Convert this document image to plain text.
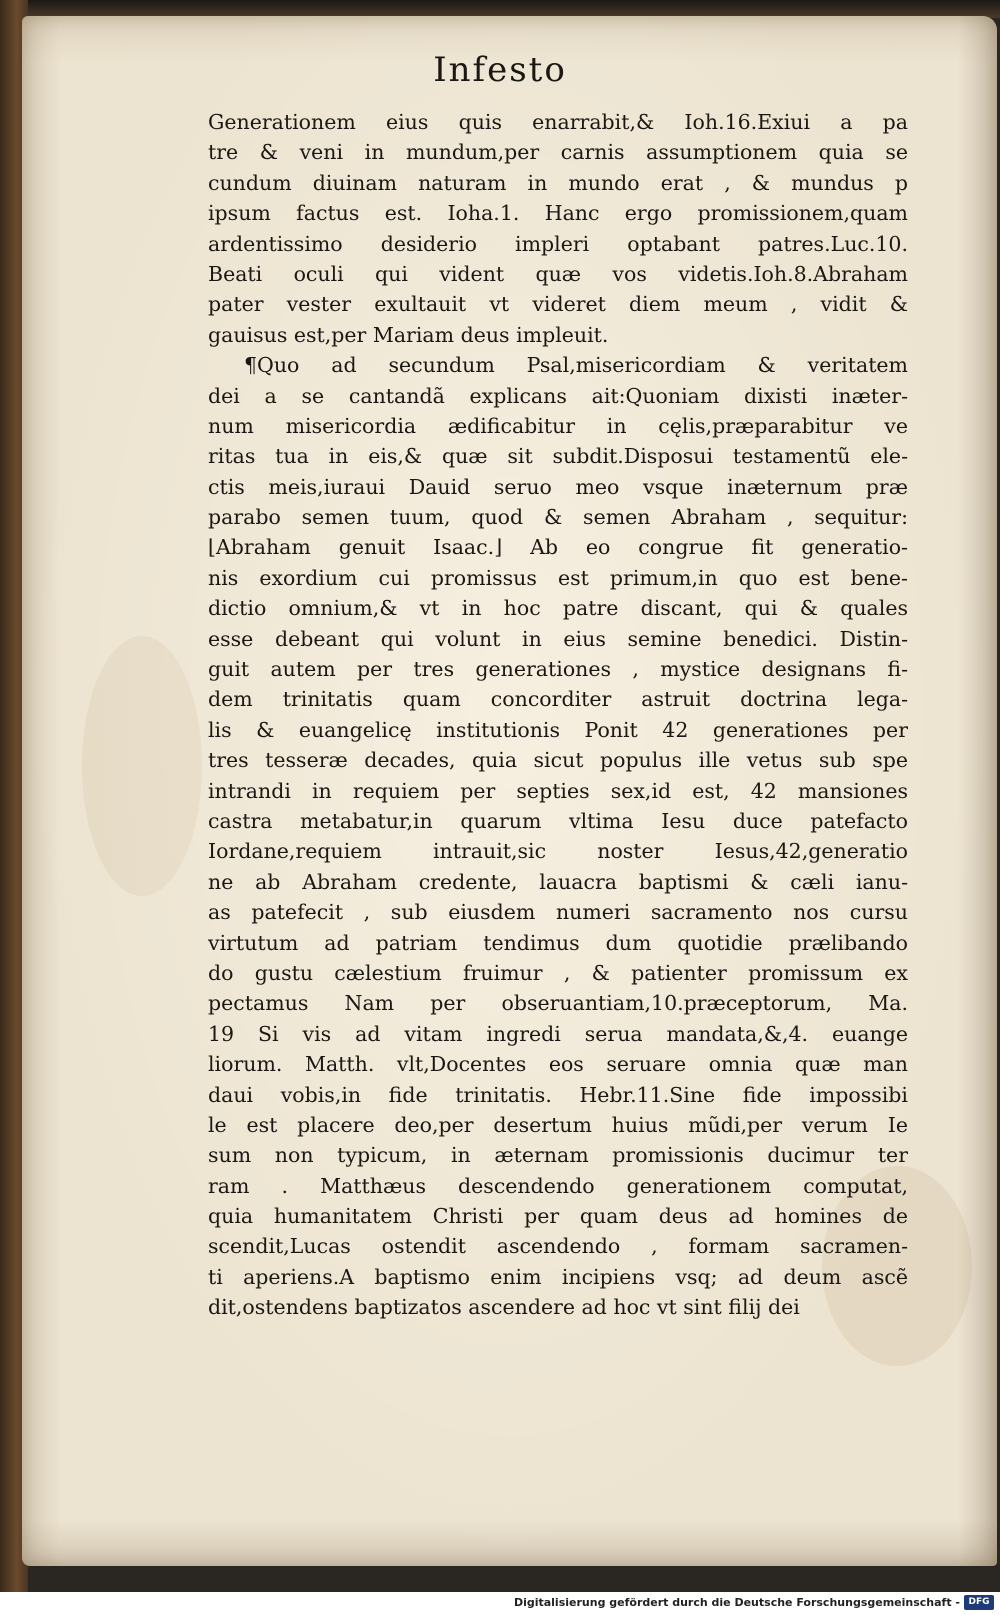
Infesto
Generationem eius quis enarrabit,& Ioh.16.Exiui a pa
tre & veni in mundum,per carnis assumptionem quia se
cundum diuinam naturam in mundo erat , & mundus p
ipsum factus est. Ioha.1. Hanc ergo promissionem,quam
ardentissimo desiderio impleri optabant patres.Luc.10.
Beati oculi qui vident quæ vos videtis.Ioh.8.Abraham
pater vester exultauit vt videret diem meum , vidit &
gauisus est,per Mariam deus impleuit.
¶Quo ad secundum Psal,misericordiam & veritatem
dei a se cantandã explicans ait:Quoniam dixisti inæter-
num misericordia ædificabitur in cęlis,præparabitur ve
ritas tua in eis,& quæ sit subdit.Disposui testamentũ ele-
ctis meis,iuraui Dauid seruo meo vsque inæternum præ
parabo semen tuum, quod & semen Abraham , sequitur:
⌊Abraham genuit Isaac.⌋ Ab eo congrue fit generatio-
nis exordium cui promissus est primum,in quo est bene-
dictio omnium,& vt in hoc patre discant, qui & quales
esse debeant qui volunt in eius semine benedici. Distin-
guit autem per tres generationes , mystice designans fi-
dem trinitatis quam concorditer astruit doctrina lega-
lis & euangelicę institutionis Ponit 42 generationes per
tres tesseræ decades, quia sicut populus ille vetus sub spe
intrandi in requiem per septies sex,id est, 42 mansiones
castra metabatur,in quarum vltima Iesu duce patefacto
Iordane,requiem intrauit,sic noster Iesus,42,generatio
ne ab Abraham credente, lauacra baptismi & cæli ianu-
as patefecit , sub eiusdem numeri sacramento nos cursu
virtutum ad patriam tendimus dum quotidie prælibando
do gustu cælestium fruimur , & patienter promissum ex
pectamus Nam per obseruantiam,10.præceptorum, Ma.
19 Si vis ad vitam ingredi serua mandata,&,4. euange
liorum. Matth. vlt,Docentes eos seruare omnia quæ man
daui vobis,in fide trinitatis. Hebr.11.Sine fide impossibi
le est placere deo,per desertum huius mũdi,per verum Ie
sum non typicum, in æternam promissionis ducimur ter
ram . Matthæus descendendo generationem computat,
quia humanitatem Christi per quam deus ad homines de
scendit,Lucas ostendit ascendendo , formam sacramen-
ti aperiens.A baptismo enim incipiens vsq; ad deum ascẽ
dit,ostendens baptizatos ascendere ad hoc vt sint filij dei
Digitalisierung gefördert durch die Deutsche Forschungsgemeinschaft - DFG
